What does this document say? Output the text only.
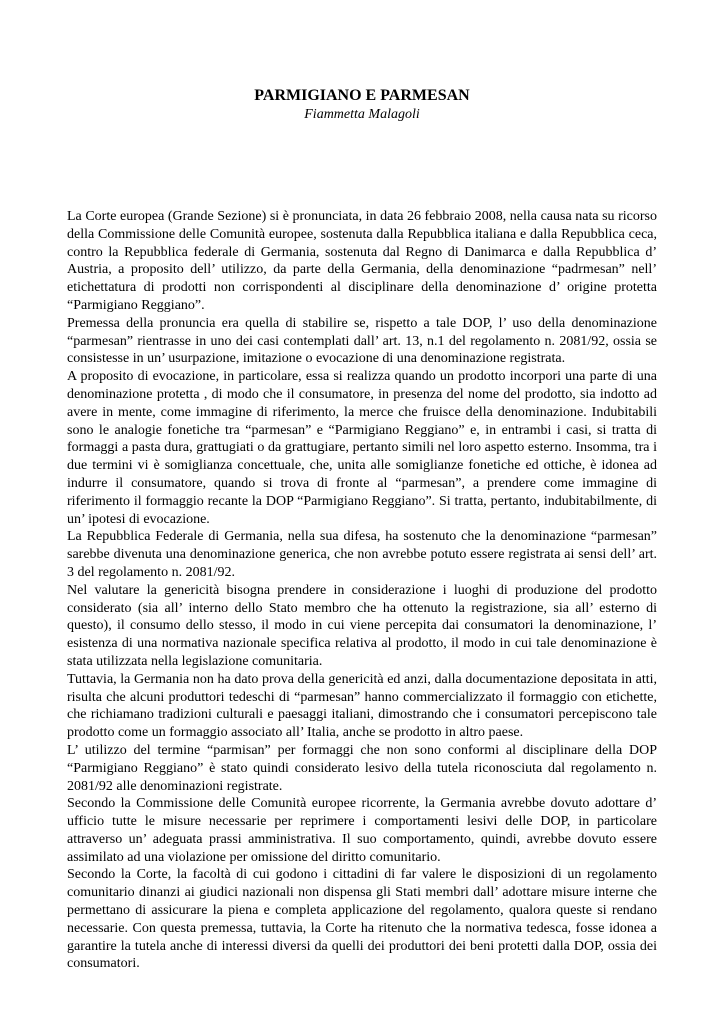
PARMIGIANO E PARMESAN

Fiammetta Malagoli

La Corte europea (Grande Sezione) si è pronunciata, in data 26 febbraio 2008, nella causa nata su ricorso della Commissione delle Comunità europee, sostenuta dalla Repubblica italiana e dalla Repubblica ceca, contro la Repubblica federale di Germania, sostenuta dal Regno di Danimarca e dalla Repubblica d’ Austria, a proposito dell’ utilizzo, da parte della Germania, della denominazione “padrmesan” nell’ etichettatura di prodotti non corrispondenti al disciplinare della denominazione d’ origine protetta “Parmigiano Reggiano”.

Premessa della pronuncia era quella di stabilire se, rispetto a tale DOP, l’ uso della denominazione “parmesan” rientrasse in uno dei casi contemplati dall’ art. 13, n.1 del regolamento n. 2081/92, ossia se consistesse in un’ usurpazione, imitazione o evocazione di una denominazione registrata.

A proposito di evocazione, in particolare, essa si realizza quando un prodotto incorpori una parte di una denominazione protetta , di modo che il consumatore, in presenza del nome del prodotto, sia indotto ad avere in mente, come immagine di riferimento, la merce che fruisce della denominazione. Indubitabili sono le analogie fonetiche tra “parmesan” e “Parmigiano Reggiano” e, in entrambi i casi, si tratta di formaggi a pasta dura, grattugiati o da grattugiare, pertanto simili nel loro aspetto esterno. Insomma, tra i due termini vi è somiglianza concettuale, che, unita alle somiglianze fonetiche ed ottiche, è idonea ad indurre il consumatore, quando si trova di fronte al “parmesan”, a prendere come immagine di riferimento il formaggio recante la DOP “Parmigiano Reggiano”. Si tratta, pertanto, indubitabilmente, di un’ ipotesi di evocazione.

La Repubblica Federale di Germania, nella sua difesa, ha sostenuto che la denominazione “parmesan” sarebbe divenuta una denominazione generica, che non avrebbe potuto essere registrata ai sensi dell’ art. 3 del regolamento n. 2081/92.

Nel valutare la genericità bisogna prendere in considerazione i luoghi di produzione del prodotto considerato (sia all’ interno dello Stato membro che ha ottenuto la registrazione, sia all’ esterno di questo), il consumo dello stesso, il modo in cui viene percepita dai consumatori la denominazione, l’ esistenza di una normativa nazionale specifica relativa al prodotto, il modo in cui tale denominazione è stata utilizzata nella legislazione comunitaria.

Tuttavia, la Germania non ha dato prova della genericità ed anzi, dalla documentazione depositata in atti, risulta che alcuni produttori tedeschi di “parmesan” hanno commercializzato il formaggio con etichette, che richiamano tradizioni culturali e paesaggi italiani, dimostrando che i consumatori percepiscono tale prodotto come un formaggio associato all’ Italia, anche se prodotto in altro paese.

L’ utilizzo del termine “parmisan” per formaggi che non sono conformi al disciplinare della DOP “Parmigiano Reggiano” è stato quindi considerato lesivo della tutela riconosciuta dal regolamento n. 2081/92 alle denominazioni registrate.

Secondo la Commissione delle Comunità europee ricorrente, la Germania avrebbe dovuto adottare d’ ufficio tutte le misure necessarie per reprimere i comportamenti lesivi delle DOP, in particolare attraverso un’ adeguata prassi amministrativa. Il suo comportamento, quindi, avrebbe dovuto essere assimilato ad una violazione per omissione del diritto comunitario.

Secondo la Corte, la facoltà di cui godono i cittadini di far valere le disposizioni di un regolamento comunitario dinanzi ai giudici nazionali non dispensa gli Stati membri dall’ adottare misure interne che permettano di assicurare la piena e completa applicazione del regolamento, qualora queste si rendano necessarie. Con questa premessa, tuttavia, la Corte ha ritenuto che la normativa tedesca, fosse idonea a garantire la tutela anche di interessi diversi da quelli dei produttori dei beni protetti dalla DOP, ossia dei consumatori.
